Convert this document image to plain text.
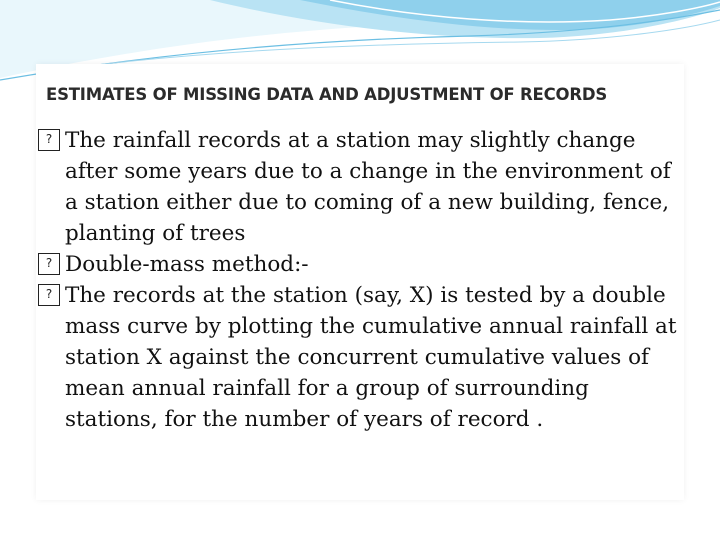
ESTIMATES OF MISSING DATA AND ADJUSTMENT OF RECORDS
?
The rainfall records at a station may slightly change after some years due to a change in the environment of a station either due to coming of a new building, fence, planting of trees
?
Double-mass method:-
?
The records at the station (say, X) is tested by a double mass curve by plotting the cumulative annual rainfall at station X against the concurrent cumulative values of mean annual rainfall for a group of surrounding stations, for the number of years of record .
